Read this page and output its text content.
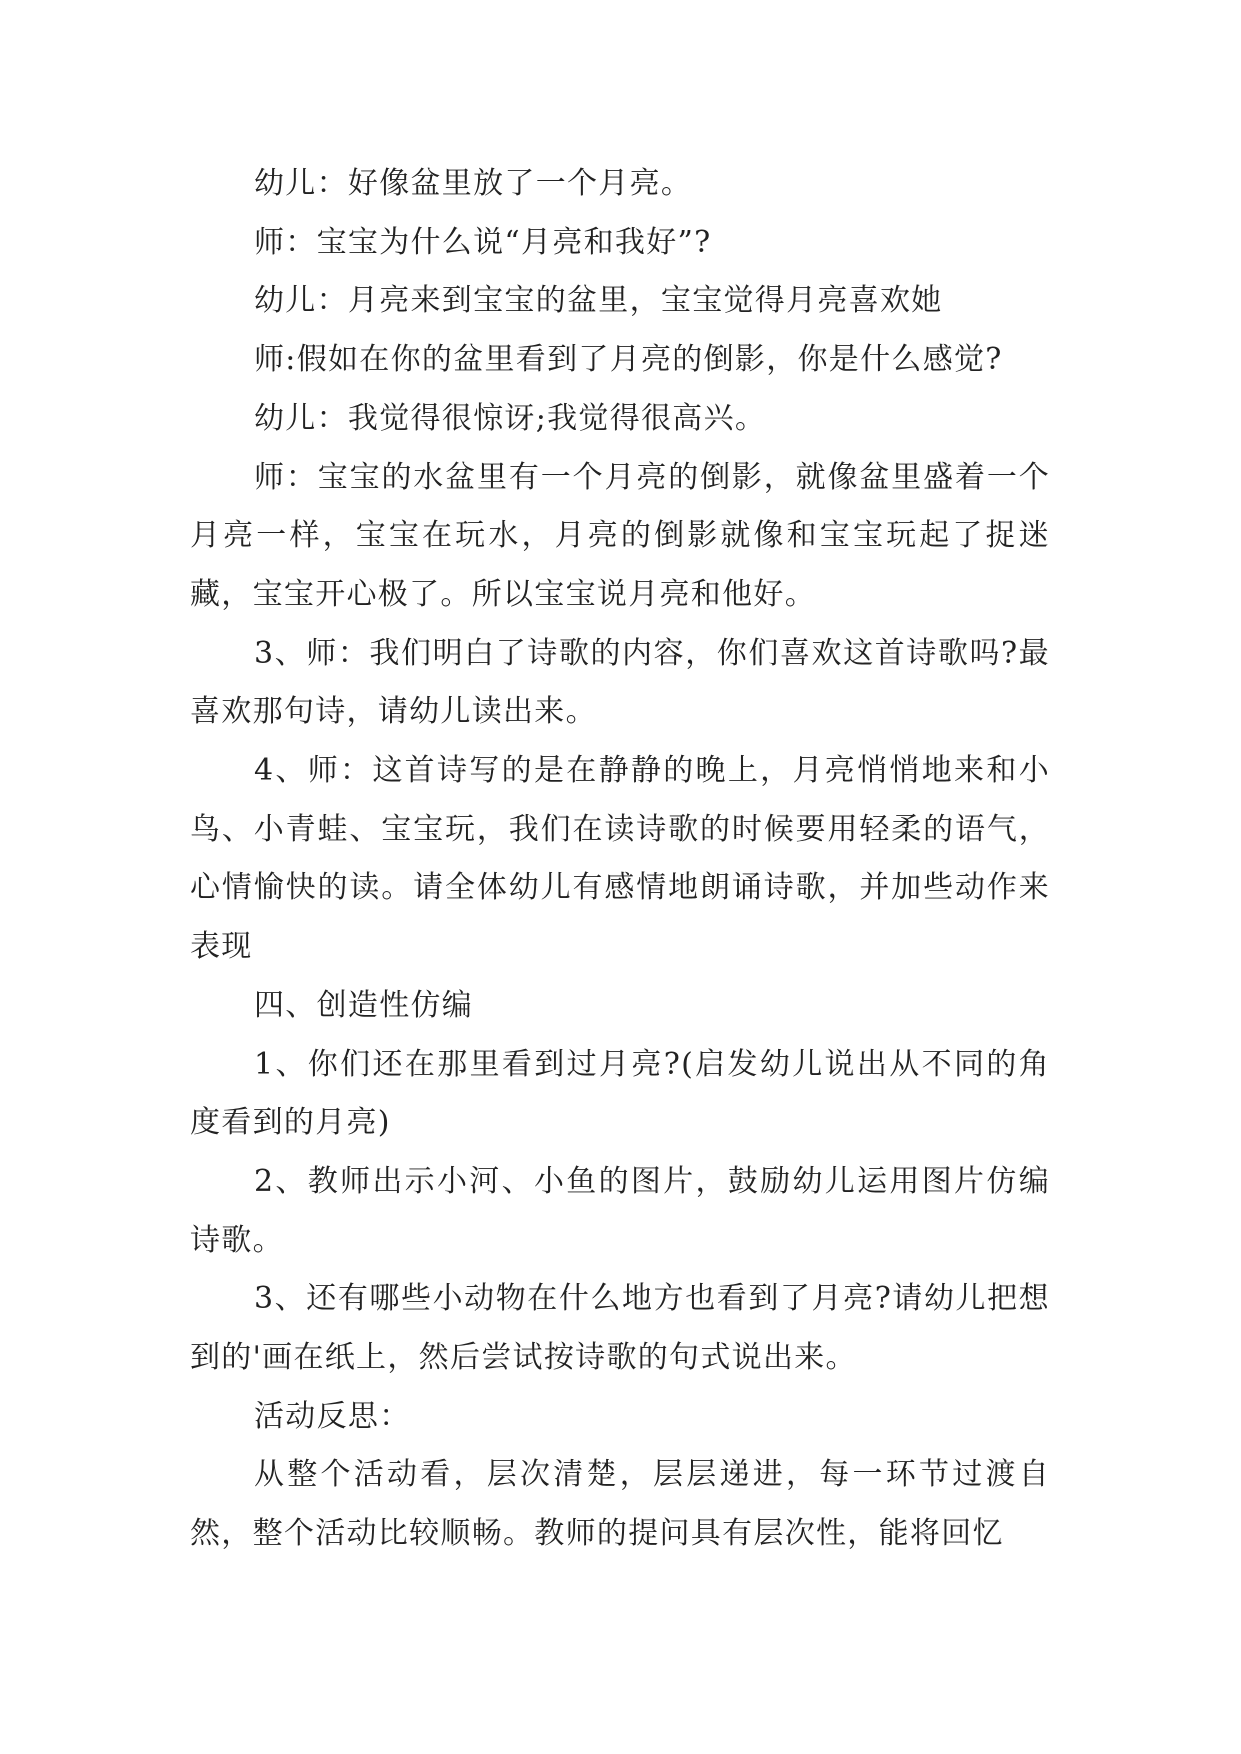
幼儿：好像盆里放了一个月亮。

师：宝宝为什么说“月亮和我好”?

幼儿：月亮来到宝宝的盆里，宝宝觉得月亮喜欢她

师:假如在你的盆里看到了月亮的倒影，你是什么感觉?

幼儿：我觉得很惊讶;我觉得很高兴。

师：宝宝的水盆里有一个月亮的倒影，就像盆里盛着一个月亮一样，宝宝在玩水，月亮的倒影就像和宝宝玩起了捉迷藏，宝宝开心极了。所以宝宝说月亮和他好。

3、师：我们明白了诗歌的内容，你们喜欢这首诗歌吗?最喜欢那句诗，请幼儿读出来。

4、师：这首诗写的是在静静的晚上，月亮悄悄地来和小鸟、小青蛙、宝宝玩，我们在读诗歌的时候要用轻柔的语气，心情愉快的读。请全体幼儿有感情地朗诵诗歌，并加些动作来表现

四、创造性仿编

1、你们还在那里看到过月亮?(启发幼儿说出从不同的角度看到的月亮)

2、教师出示小河、小鱼的图片，鼓励幼儿运用图片仿编诗歌。

3、还有哪些小动物在什么地方也看到了月亮?请幼儿把想到的'画在纸上，然后尝试按诗歌的句式说出来。

活动反思：

从整个活动看，层次清楚，层层递进，每一环节过渡自然，整个活动比较顺畅。教师的提问具有层次性，能将回忆
